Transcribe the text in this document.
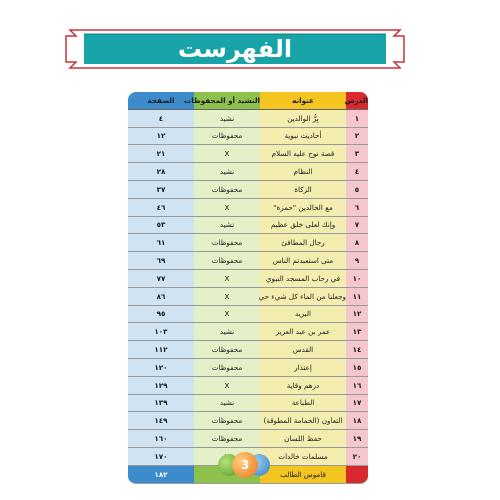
الفهرست
الدرس	عنوانه	النشيد أو المحفوظات	الصفحة
١	بِرُّ الوالدين	نشيد	٤
٢	أحاديث نبوية	محفوظات	١٢
٣	قصة نوح عليه السلام	X	٢١
٤	النظام	نشيد	٢٨
٥	الزكاة	محفوظات	٣٧
٦	مع الخالدين "حمزة"	X	٤٦
٧	وإنك لعلى خلق عظيم	نشيد	٥٣
٨	رجال المطافئ	محفوظات	٦١
٩	متى استعبدتم الناس	محفوظات	٦٩
١٠	في رحاب المسجد النبوي	X	٧٧
١١	وجعلنا من الماء كل شيء حي	X	٨٦
١٢	البريد	X	٩٥
١٣	عمر بن عبد العزيز	نشيد	١٠٣
١٤	القدس	محفوظات	١١٢
١٥	إعتذار	محفوظات	١٢٠
١٦	درهم وقاية	X	١٢٩
١٧	الطباعة	نشيد	١٣٩
١٨	التعاون (الحمامة المطوقة)	محفوظات	١٤٩
١٩	حفظ اللسان	محفوظات	١٦٠
٢٠	مسلمات خالدات		١٧٠
	قاموس الطالب		١٨٢
3
